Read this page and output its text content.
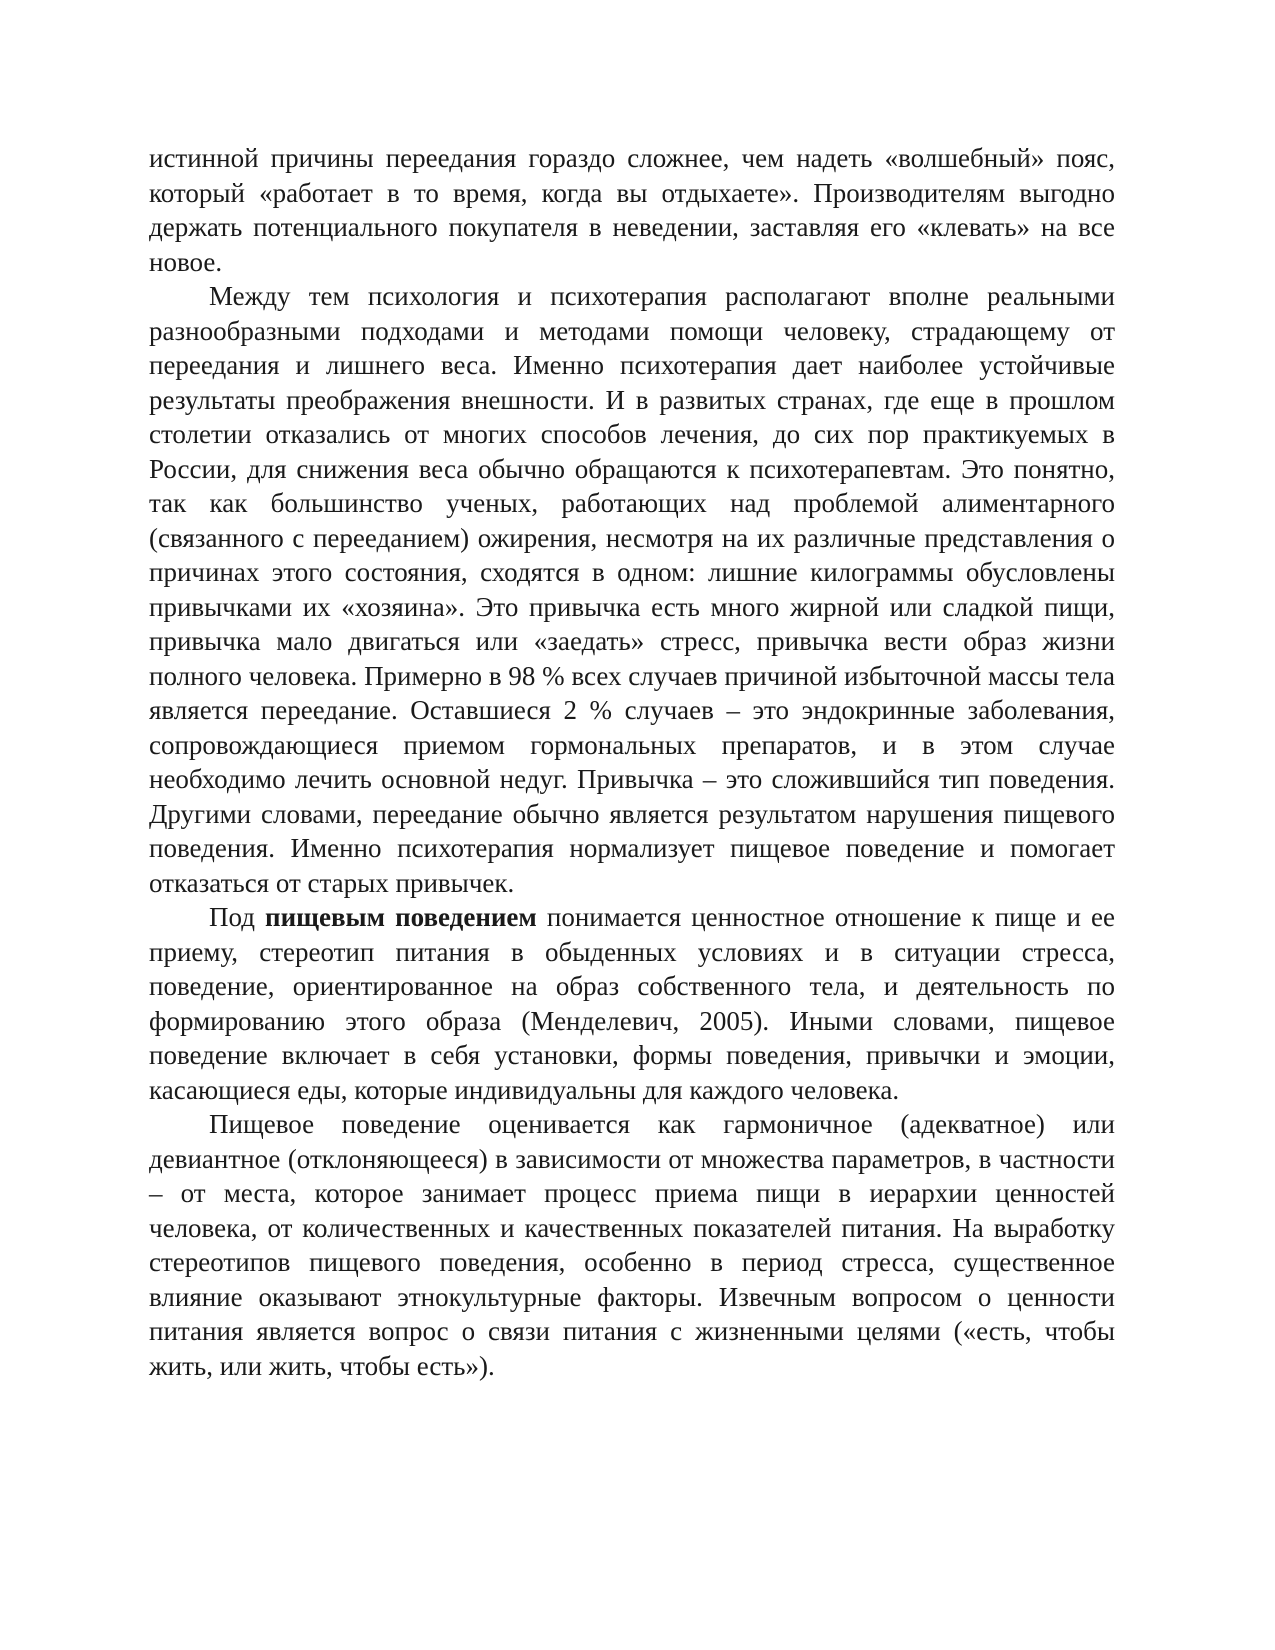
истинной причины переедания гораздо сложнее, чем надеть «волшебный» пояс, который «работает в то время, когда вы отдыхаете». Производителям выгодно держать потенциального покупателя в неведении, заставляя его «клевать» на все новое.

Между тем психология и психотерапия располагают вполне реальными разнообразными подходами и методами помощи человеку, страдающему от переедания и лишнего веса. Именно психотерапия дает наиболее устойчивые результаты преображения внешности. И в развитых странах, где еще в прошлом столетии отказались от многих способов лечения, до сих пор практикуемых в России, для снижения веса обычно обращаются к психотерапевтам. Это понятно, так как большинство ученых, работающих над проблемой алиментарного (связанного с перееданием) ожирения, несмотря на их различные представления о причинах этого состояния, сходятся в одном: лишние килограммы обусловлены привычками их «хозяина». Это привычка есть много жирной или сладкой пищи, привычка мало двигаться или «заедать» стресс, привычка вести образ жизни полного человека. Примерно в 98 % всех случаев причиной избыточной массы тела является переедание. Оставшиеся 2 % случаев – это эндокринные заболевания, сопровождающиеся приемом гормональных препаратов, и в этом случае необходимо лечить основной недуг. Привычка – это сложившийся тип поведения. Другими словами, переедание обычно является результатом нарушения пищевого поведения. Именно психотерапия нормализует пищевое поведение и помогает отказаться от старых привычек.

Под пищевым поведением понимается ценностное отношение к пище и ее приему, стереотип питания в обыденных условиях и в ситуации стресса, поведение, ориентированное на образ собственного тела, и деятельность по формированию этого образа (Менделевич, 2005). Иными словами, пищевое поведение включает в себя установки, формы поведения, привычки и эмоции, касающиеся еды, которые индивидуальны для каждого человека.

Пищевое поведение оценивается как гармоничное (адекватное) или девиантное (отклоняющееся) в зависимости от множества параметров, в частности – от места, которое занимает процесс приема пищи в иерархии ценностей человека, от количественных и качественных показателей питания. На выработку стереотипов пищевого поведения, особенно в период стресса, существенное влияние оказывают этнокультурные факторы. Извечным вопросом о ценности питания является вопрос о связи питания с жизненными целями («есть, чтобы жить, или жить, чтобы есть»).
